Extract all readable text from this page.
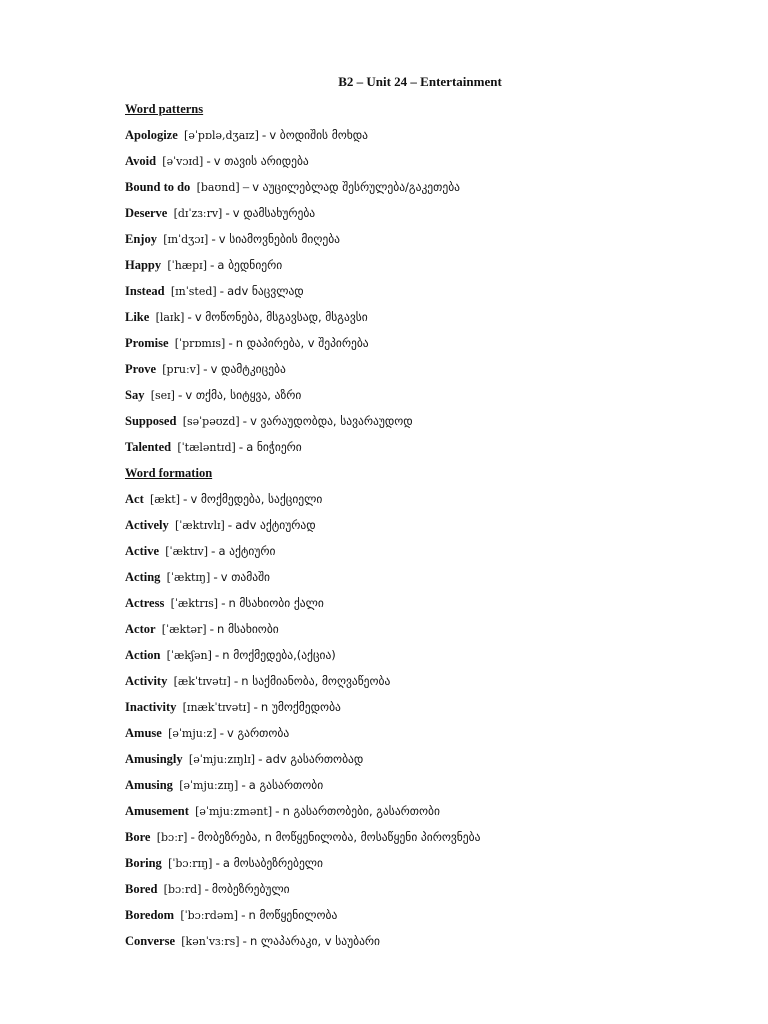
B2 – Unit 24 – Entertainment
Word patterns
Apologize [əˈpɒlə,dʒaɪz] - v ბოდიშის მოხდა
Avoid [əˈvɔɪd] - v თავის არიდება
Bound to do [baʊnd] – v აუცილებლად შესრულება/გაკეთება
Deserve [dɪˈzɜːrv] - v დამსახურება
Enjoy [ɪnˈdʒɔɪ] - v სიამოვნების მიღება
Happy [ˈhæpɪ] - a ბედნიერი
Instead [ɪnˈsted] - adv ნაცვლად
Like [laɪk] - v მოწონება, მსგავსად, მსგავსი
Promise [ˈprɒmɪs] - n დაპირება, v შეპირება
Prove [pruːv] - v დამტკიცება
Say [seɪ] - v თქმა, სიტყვა, აზრი
Supposed [səˈpəʊzd] - v ვარაუდობდა, სავარაუდოდ
Talented [ˈtæləntɪd] - a ნიჭიერი
Word formation
Act [ækt] - v მოქმედება, საქციელი
Actively [ˈæktɪvlɪ] - adv აქტიურად
Active [ˈæktɪv] - a აქტიური
Acting [ˈæktɪŋ] - v თამაში
Actress [ˈæktrɪs] - n მსახიობი ქალი
Actor [ˈæktər] - n მსახიობი
Action [ˈækʃən] - n მოქმედება,(აქცია)
Activity [ækˈtɪvətɪ] - n საქმიანობა, მოღვაწეობა
Inactivity [ɪnækˈtɪvətɪ] - n უმოქმედობა
Amuse [əˈmjuːz] - v გართობა
Amusingly [əˈmjuːzɪŋlɪ] - adv გასართობად
Amusing [əˈmjuːzɪŋ] - a გასართობი
Amusement [əˈmjuːzmənt] - n გასართობები, გასართობი
Bore [bɔːr] - მობეზრება, n მოწყენილობა, მოსაწყენი პიროვნება
Boring [ˈbɔːrɪŋ] - a მოსაბეზრებელი
Bored [bɔːrd] - მობეზრებული
Boredom [ˈbɔːrdəm] - n მოწყენილობა
Converse [kənˈvɜːrs] - n ლაპარაკი, v საუბარი
